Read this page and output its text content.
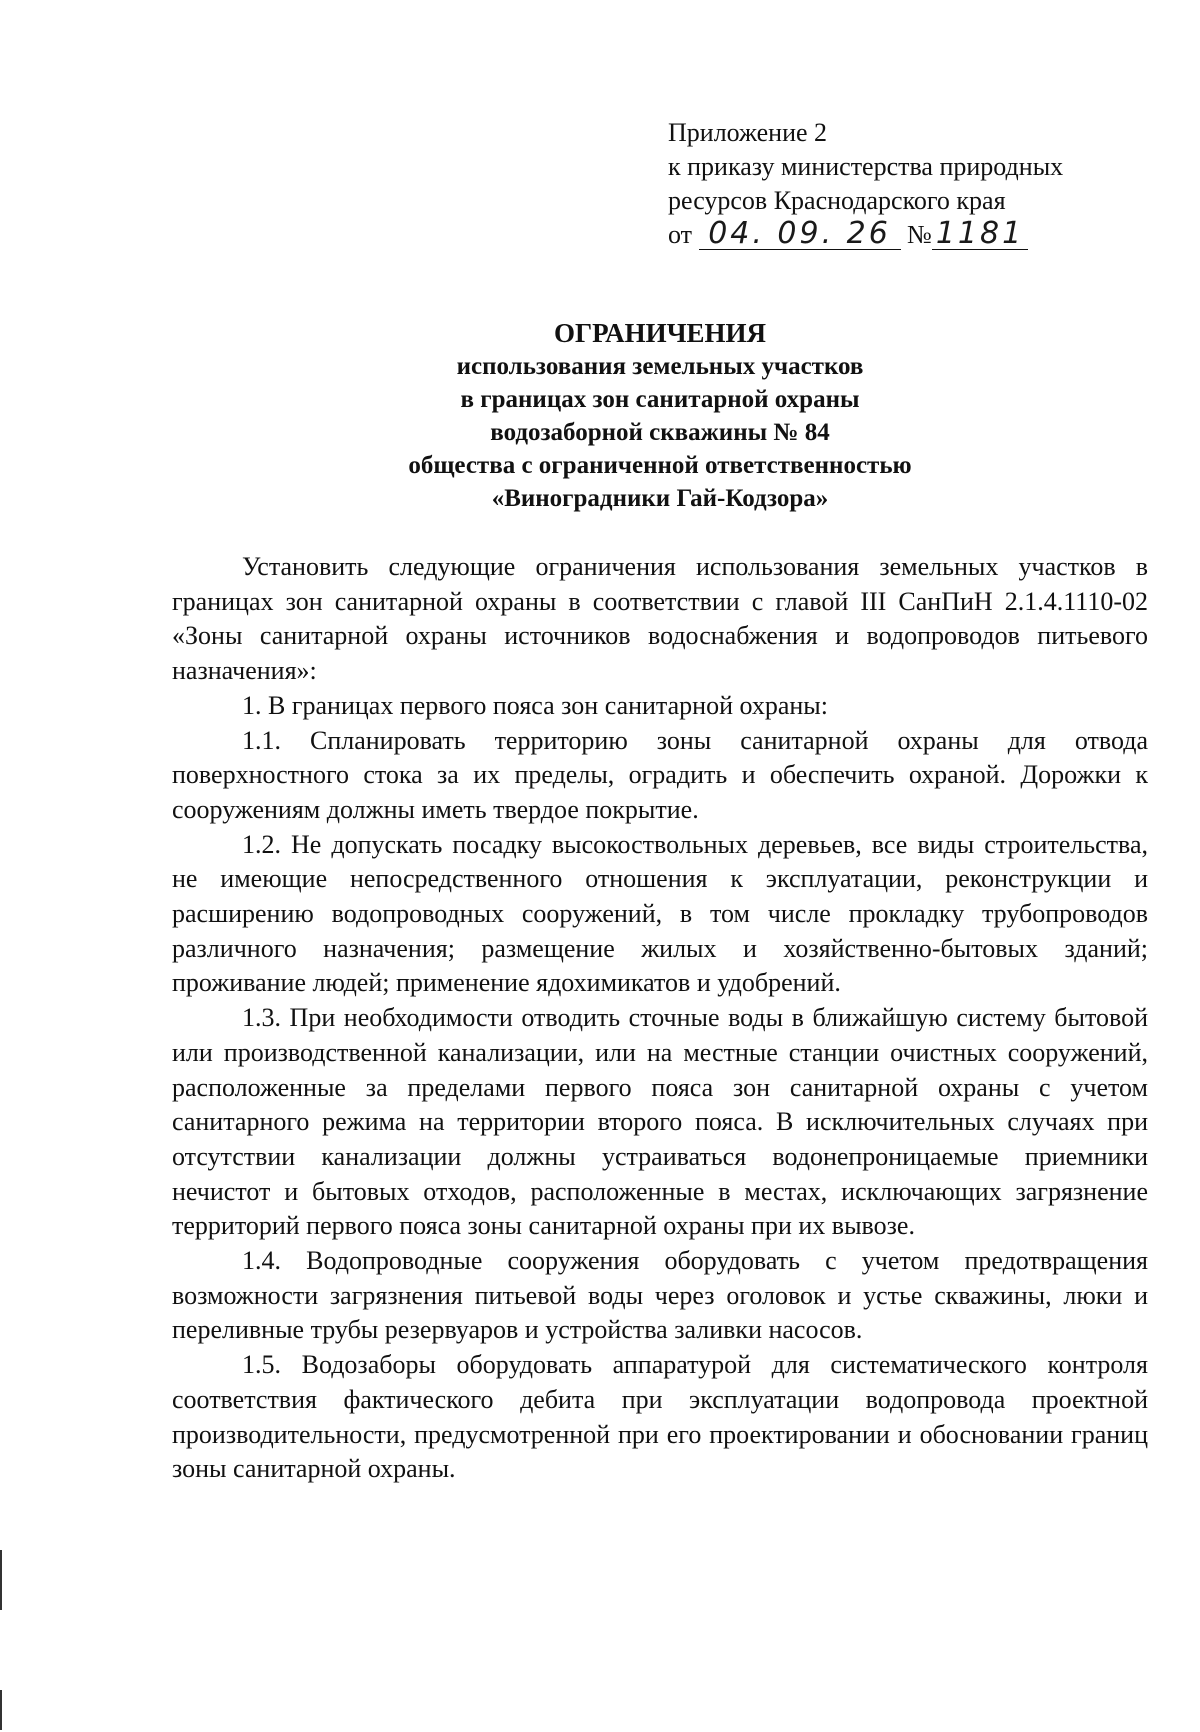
Приложение 2
к приказу министерства природных
ресурсов Краснодарского края
от 04. 09. 26 № 1181
ОГРАНИЧЕНИЯ
использования земельных участков
в границах зон санитарной охраны
водозаборной скважины № 84
общества с ограниченной ответственностью
«Виноградники Гай-Кодзора»

Установить следующие ограничения использования земельных участков в границах зон санитарной охраны в соответствии с главой III СанПиН 2.1.4.1110-02 «Зоны санитарной охраны источников водоснабжения и водопроводов питьевого назначения»:

1. В границах первого пояса зон санитарной охраны:

1.1. Спланировать территорию зоны санитарной охраны для отвода поверхностного стока за их пределы, оградить и обеспечить охраной. Дорожки к сооружениям должны иметь твердое покрытие.

1.2. Не допускать посадку высокоствольных деревьев, все виды строительства, не имеющие непосредственного отношения к эксплуатации, реконструкции и расширению водопроводных сооружений, в том числе прокладку трубопроводов различного назначения; размещение жилых и хозяйственно-бытовых зданий; проживание людей; применение ядохимикатов и удобрений.

1.3. При необходимости отводить сточные воды в ближайшую систему бытовой или производственной канализации, или на местные станции очистных сооружений, расположенные за пределами первого пояса зон санитарной охраны с учетом санитарного режима на территории второго пояса. В исключительных случаях при отсутствии канализации должны устраиваться водонепроницаемые приемники нечистот и бытовых отходов, расположенные в местах, исключающих загрязнение территорий первого пояса зоны санитарной охраны при их вывозе.

1.4. Водопроводные сооружения оборудовать с учетом предотвращения возможности загрязнения питьевой воды через оголовок и устье скважины, люки и переливные трубы резервуаров и устройства заливки насосов.

1.5. Водозаборы оборудовать аппаратурой для систематического контроля соответствия фактического дебита при эксплуатации водопровода проектной производительности, предусмотренной при его проектировании и обосновании границ зоны санитарной охраны.
